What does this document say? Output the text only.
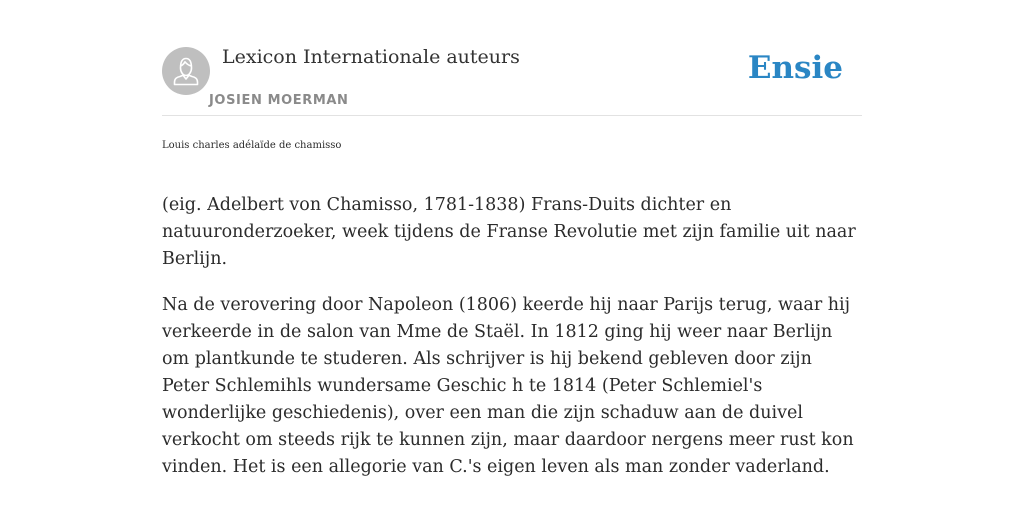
Lexicon Internationale auteurs
JOSIEN MOERMAN
Ensie
Louis charles adélaïde de chamisso

(eig. Adelbert von Chamisso, 1781-1838) Frans-Duits dichter en natuuronderzoeker, week tijdens de Franse Revolutie met zijn familie uit naar Berlijn.

Na de verovering door Napoleon (1806) keerde hij naar Parijs terug, waar hij verkeerde in de salon van Mme de Staël. In 1812 ging hij weer naar Berlijn om plantkunde te studeren. Als schrijver is hij bekend gebleven door zijn Peter Schlemihls wundersame Geschic h te 1814 (Peter Schlemiel's wonderlijke geschiedenis), over een man die zijn schaduw aan de duivel verkocht om steeds rijk te kunnen zijn, maar daardoor nergens meer rust kon vinden. Het is een allegorie van C.'s eigen leven als man zonder vaderland.
